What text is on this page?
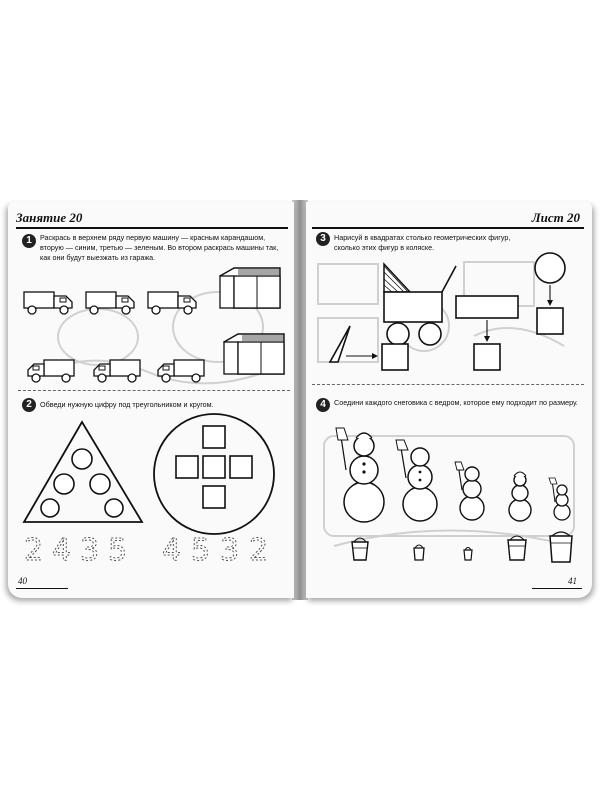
Занятие 20
1	Раскрась в верхнем ряду первую машину — красным карандашом, вторую — синим, третью — зеленым. Во втором раскрась машины так, как они будут выезжать из гаража.
2	Обведи нужную цифру под треугольником и кругом.
2 4 3 5 4 5 3 2
40
Лист 20
3	Нарисуй в квадратах столько геометрических фигур, сколько этих фигур в коляске.
4	Соедини каждого снеговика с ведром, которое ему подходит по размеру.
41
